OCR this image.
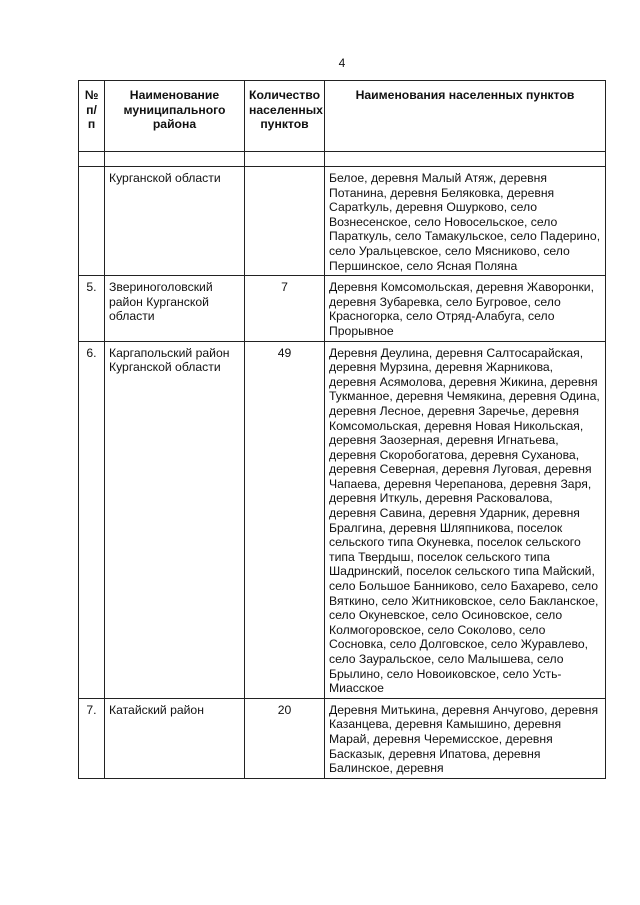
4
№ п/п	Наименование муниципального района	Количество населенных пунктов	Наименования населенных пунктов

	Курганской области		Белое, деревня Малый Атяж, деревня Потанина, деревня Беляковка, деревня Саратkуль, деревня Ошурково, село Вознесенское, село Новосельское, село Параткуль, село Тамакульское, село Падерино, село Уральцевское, село Мясниково, село Першинское, село Ясная Поляна
5.	Звериноголовский район Курганской области	7	Деревня Комсомольская, деревня Жаворонки, деревня Зубаревка, село Бугровое, село Красногорка, село Отряд-Алабуга, село Прорывное
6.	Каргапольский район Курганской области	49	Деревня Деулина, деревня Салтосарайская, деревня Мурзина, деревня Жарникова, деревня Асямолова, деревня Жикина, деревня Тукманное, деревня Чемякина, деревня Одина, деревня Лесное, деревня Заречье, деревня Комсомольская, деревня Новая Никольская, деревня Заозерная, деревня Игнатьева, деревня Скоробогатова, деревня Суханова, деревня Северная, деревня Луговая, деревня Чапаева, деревня Черепанова, деревня Заря, деревня Иткуль, деревня Расковалова, деревня Савина, деревня Ударник, деревня Бралгина, деревня Шляпникова, поселок сельского типа Окуневка, поселок сельского типа Твердыш, поселок сельского типа Шадринский, поселок сельского типа Майский, село Большое Банниково, село Бахарево, село Вяткино, село Житниковское, село Бакланское, село Окуневское, село Осиновское, село Колмогоровское, село Соколово, село Сосновка, село Долговское, село Журавлево, село Зауральское, село Малышева, село Брылино, село Новоиковское, село Усть-Миасское
7.	Катайский район	20	Деревня Митькина, деревня Анчугово, деревня Казанцева, деревня Камышино, деревня Марай, деревня Черемисское, деревня Басказык, деревня Ипатова, деревня Балинское, деревня
